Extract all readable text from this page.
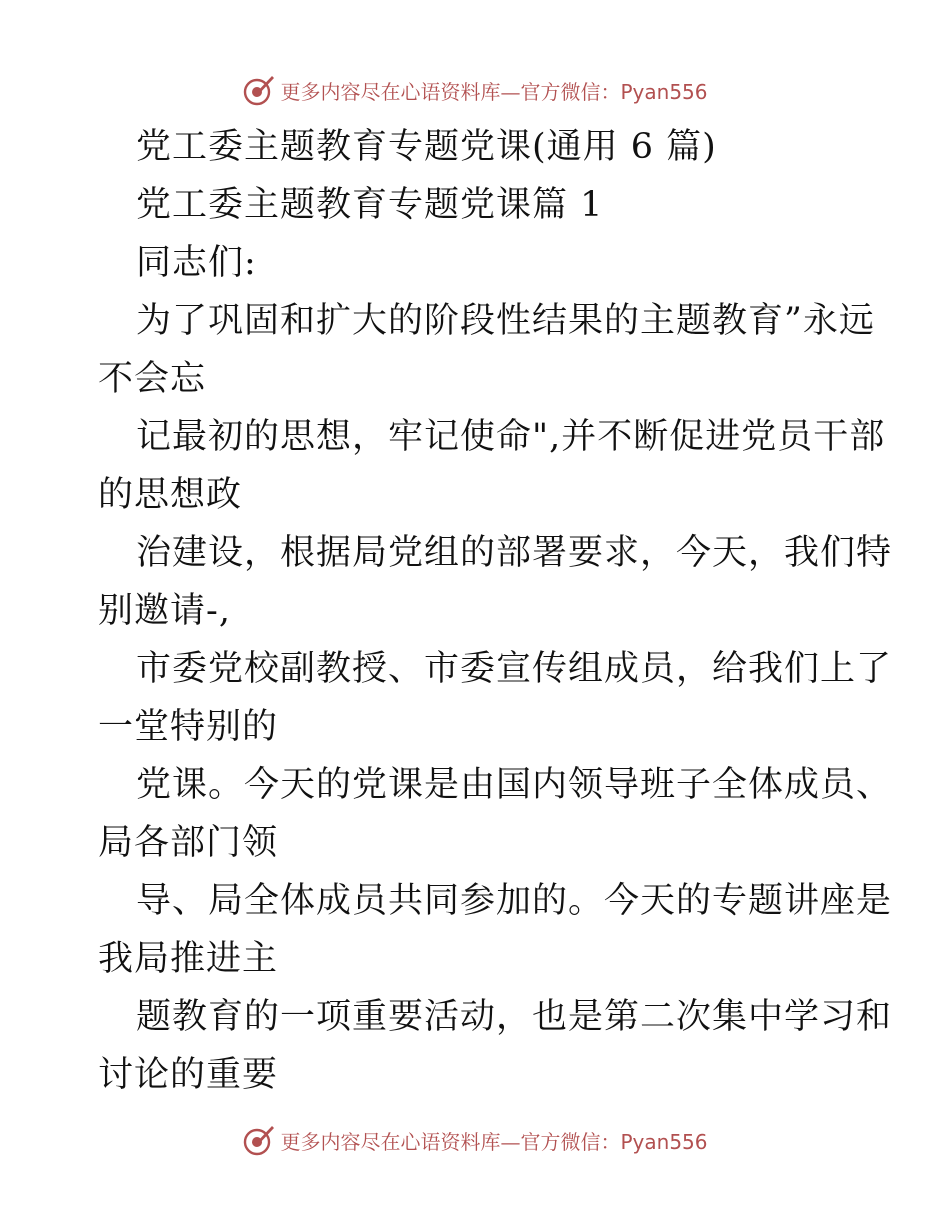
更多内容尽在心语资料库—官方微信：Pyan556
党工委主题教育专题党课(通用 6 篇)
党工委主题教育专题党课篇 1
同志们:
为了巩固和扩大的阶段性结果的主题教育”永远
不会忘
记最初的思想，牢记使命",并不断促进党员干部
的思想政
治建设，根据局党组的部署要求，今天，我们特
别邀请-,
市委党校副教授、市委宣传组成员，给我们上了
一堂特别的
党课。今天的党课是由国内领导班子全体成员、
局各部门领
导、局全体成员共同参加的。今天的专题讲座是
我局推进主
题教育的一项重要活动，也是第二次集中学习和
讨论的重要
更多内容尽在心语资料库—官方微信：Pyan556
